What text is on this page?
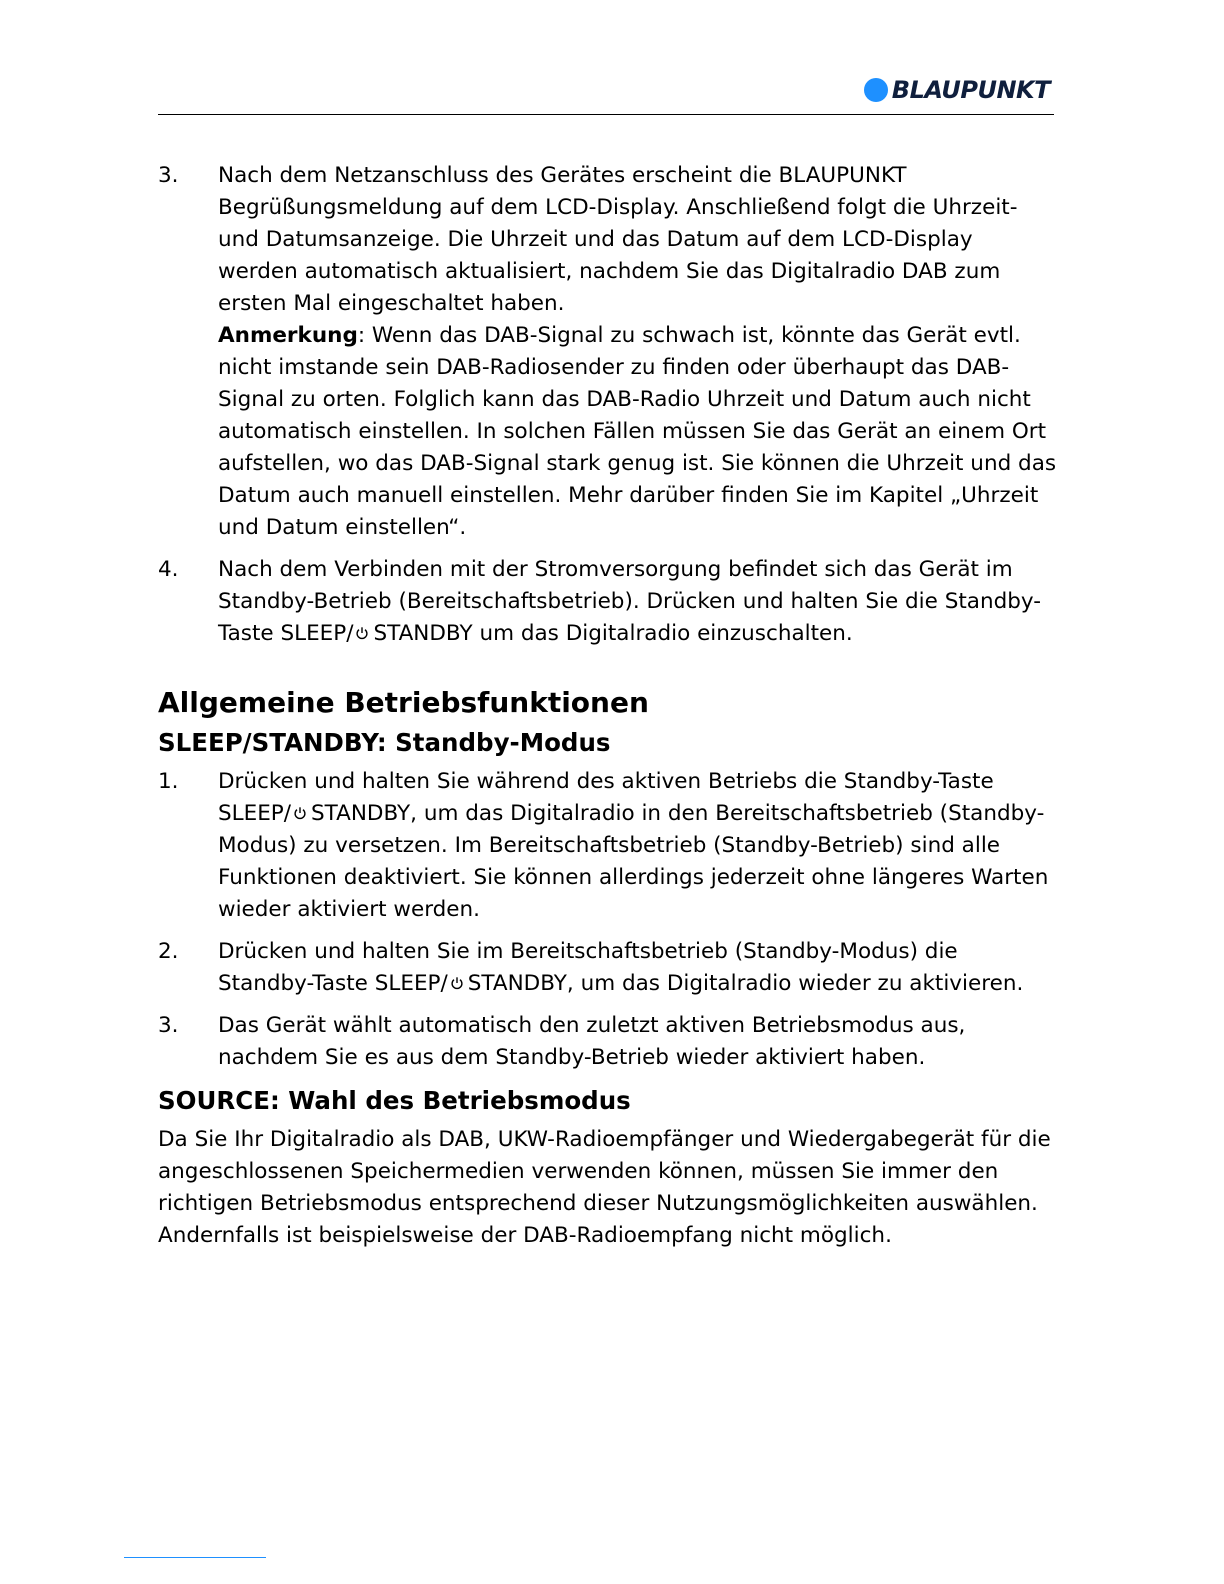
BLAUPUNKT
3.	Nach dem Netzanschluss des Gerätes erscheint die BLAUPUNKT Begrüßungsmeldung auf dem LCD-Display. Anschließend folgt die Uhrzeit- und Datumsanzeige. Die Uhrzeit und das Datum auf dem LCD-Display werden automatisch aktualisiert, nachdem Sie das Digitalradio DAB zum ersten Mal eingeschaltet haben.

Anmerkung: Wenn das DAB-Signal zu schwach ist, könnte das Gerät evtl. nicht imstande sein DAB-Radiosender zu finden oder überhaupt das DAB-Signal zu orten. Folglich kann das DAB-Radio Uhrzeit und Datum auch nicht automatisch einstellen. In solchen Fällen müssen Sie das Gerät an einem Ort aufstellen, wo das DAB-Signal stark genug ist. Sie können die Uhrzeit und das Datum auch manuell einstellen. Mehr darüber finden Sie im Kapitel „Uhrzeit und Datum einstellen“.

4.	Nach dem Verbinden mit der Stromversorgung befindet sich das Gerät im Standby-Betrieb (Bereitschaftsbetrieb). Drücken und halten Sie die Standby-Taste SLEEP/ STANDBY um das Digitalradio einzuschalten.

Allgemeine Betriebsfunktionen
SLEEP/STANDBY: Standby-Modus
1.	Drücken und halten Sie während des aktiven Betriebs die Standby-Taste SLEEP/ STANDBY, um das Digitalradio in den Bereitschaftsbetrieb (Standby-Modus) zu versetzen. Im Bereitschaftsbetrieb (Standby-Betrieb) sind alle Funktionen deaktiviert. Sie können allerdings jederzeit ohne längeres Warten wieder aktiviert werden.

2.	Drücken und halten Sie im Bereitschaftsbetrieb (Standby-Modus) die Standby-Taste SLEEP/ STANDBY, um das Digitalradio wieder zu aktivieren.

3.	Das Gerät wählt automatisch den zuletzt aktiven Betriebsmodus aus, nachdem Sie es aus dem Standby-Betrieb wieder aktiviert haben.

SOURCE: Wahl des Betriebsmodus

Da Sie Ihr Digitalradio als DAB, UKW-Radioempfänger und Wiedergabegerät für die angeschlossenen Speichermedien verwenden können, müssen Sie immer den richtigen Betriebsmodus entsprechend dieser Nutzungsmöglichkeiten auswählen. Andernfalls ist beispielsweise der DAB-Radioempfang nicht möglich.
